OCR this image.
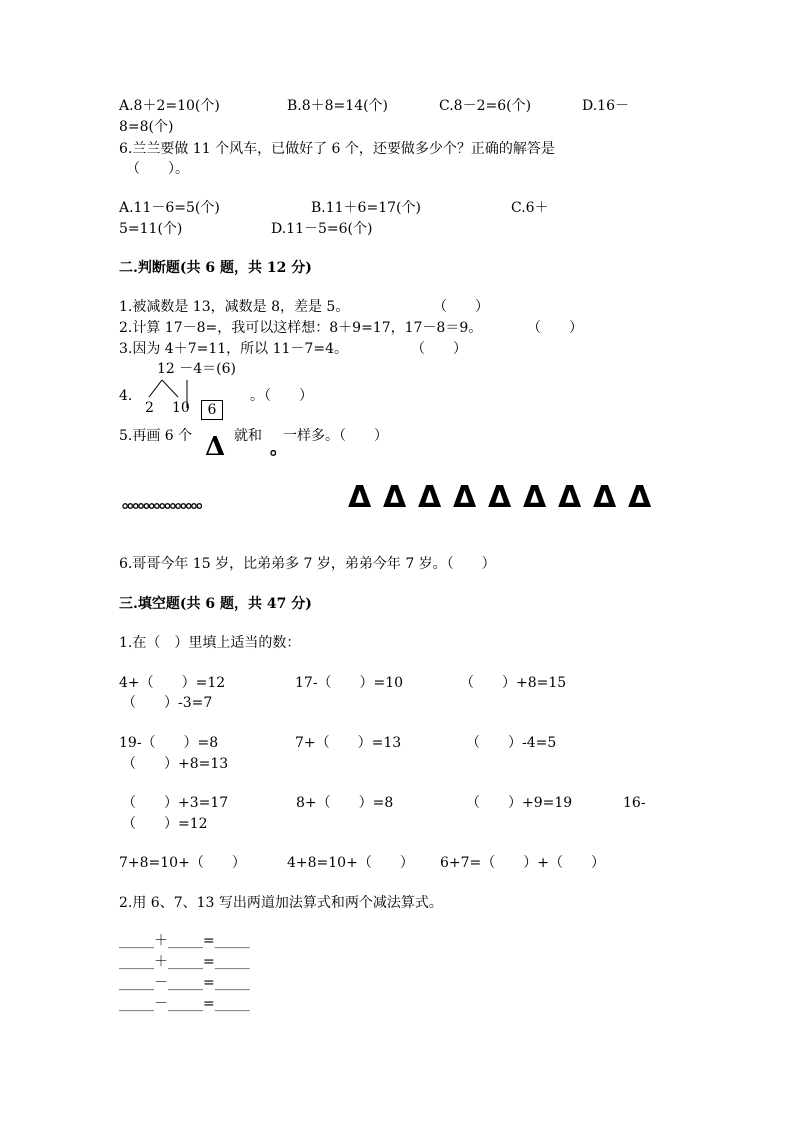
A.8＋2=10(个)	B.8＋8=14(个)	C.8－2=6(个)	D.16－
8=8(个)
6.兰兰要做 11 个风车，已做好了 6 个，还要做多少个？正确的解答是
（　　）。
A.11－6=5(个)	B.11＋6=17(个)	C.6＋
5=11(个)	D.11－5=6(个)
二.判断题(共 6 题，共 12 分)
1.被减数是 13，减数是 8，差是 5。	（　　）
2.计算 17－8=，我可以这样想：8＋9=17，17－8＝9。	（　　）
3.因为 4＋7=11，所以 11－7=4。	（　　）
4.
12 －4＝(6)
2 10	6
。（　　）
5.再画 6 个 Δ 就和
。
一样多。（　　）
。。。。。。。。。。。。。。。	Δ Δ Δ Δ Δ Δ Δ Δ Δ
6.哥哥今年 15 岁，比弟弟多 7 岁，弟弟今年 7 岁。（　　）
三.填空题(共 6 题，共 47 分)
1.在（　）里填上适当的数：
4+（　　）=12	17-（　　）=10	（　　）+8=15
（　　）-3=7
19-（　　）=8	7+（　　）=13	（　　）-4=5
（　　）+8=13
（　　）+3=17	8+（　　）=8	（　　）+9=19	16-
（　　）=12
7+8=10+（　　）	4+8=10+（　　） 6+7=（　　）+（　　）
2.用 6、7、13 写出两道加法算式和两个减法算式。
_____＋_____=_____
_____＋_____=_____
_____－_____=_____
_____－_____=_____
